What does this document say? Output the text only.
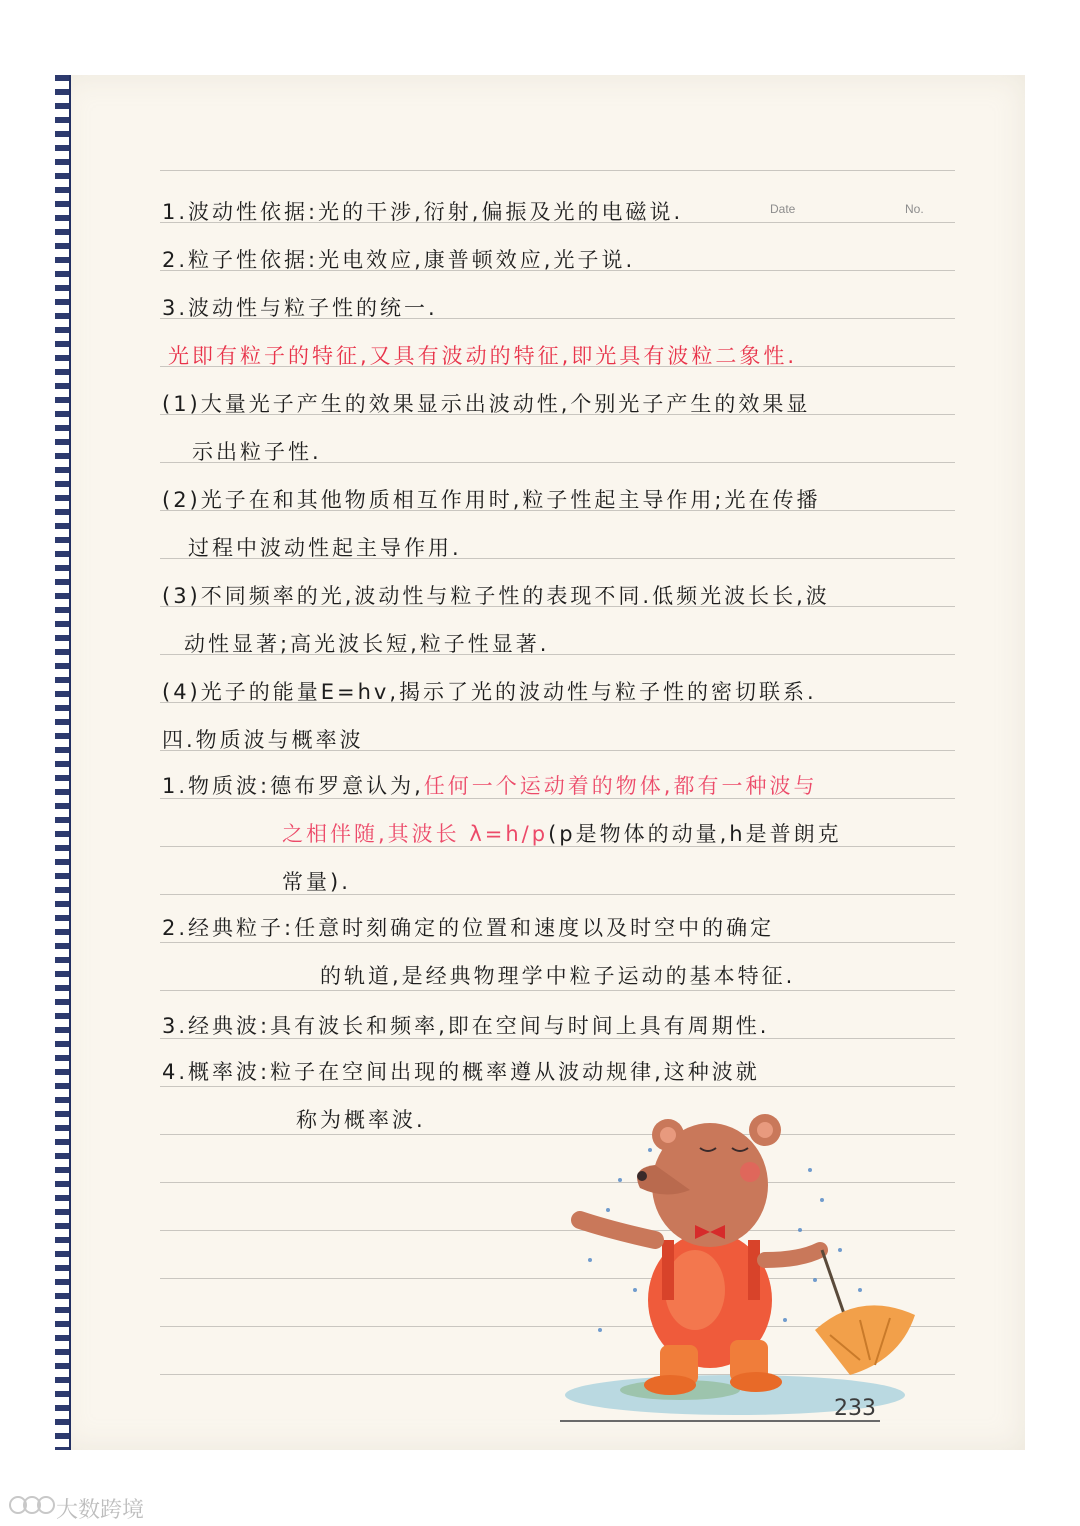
Date	No.
1.波动性依据:光的干涉,衍射,偏振及光的电磁说.
2.粒子性依据:光电效应,康普顿效应,光子说.
3.波动性与粒子性的统一.
光即有粒子的特征,又具有波动的特征,即光具有波粒二象性.
(1)大量光子产生的效果显示出波动性,个别光子产生的效果显
示出粒子性.
(2)光子在和其他物质相互作用时,粒子性起主导作用;光在传播
过程中波动性起主导作用.
(3)不同频率的光,波动性与粒子性的表现不同.低频光波长长,波
动性显著;高光波长短,粒子性显著.
(4)光子的能量E=hv,揭示了光的波动性与粒子性的密切联系.
四.物质波与概率波
1.物质波:德布罗意认为,任何一个运动着的物体,都有一种波与
之相伴随,其波长 λ=h/p(p是物体的动量,h是普朗克
常量).
2.经典粒子:任意时刻确定的位置和速度以及时空中的确定
的轨道,是经典物理学中粒子运动的基本特征.
3.经典波:具有波长和频率,即在空间与时间上具有周期性.
4.概率波:粒子在空间出现的概率遵从波动规律,这种波就
称为概率波.
233
大数跨境
